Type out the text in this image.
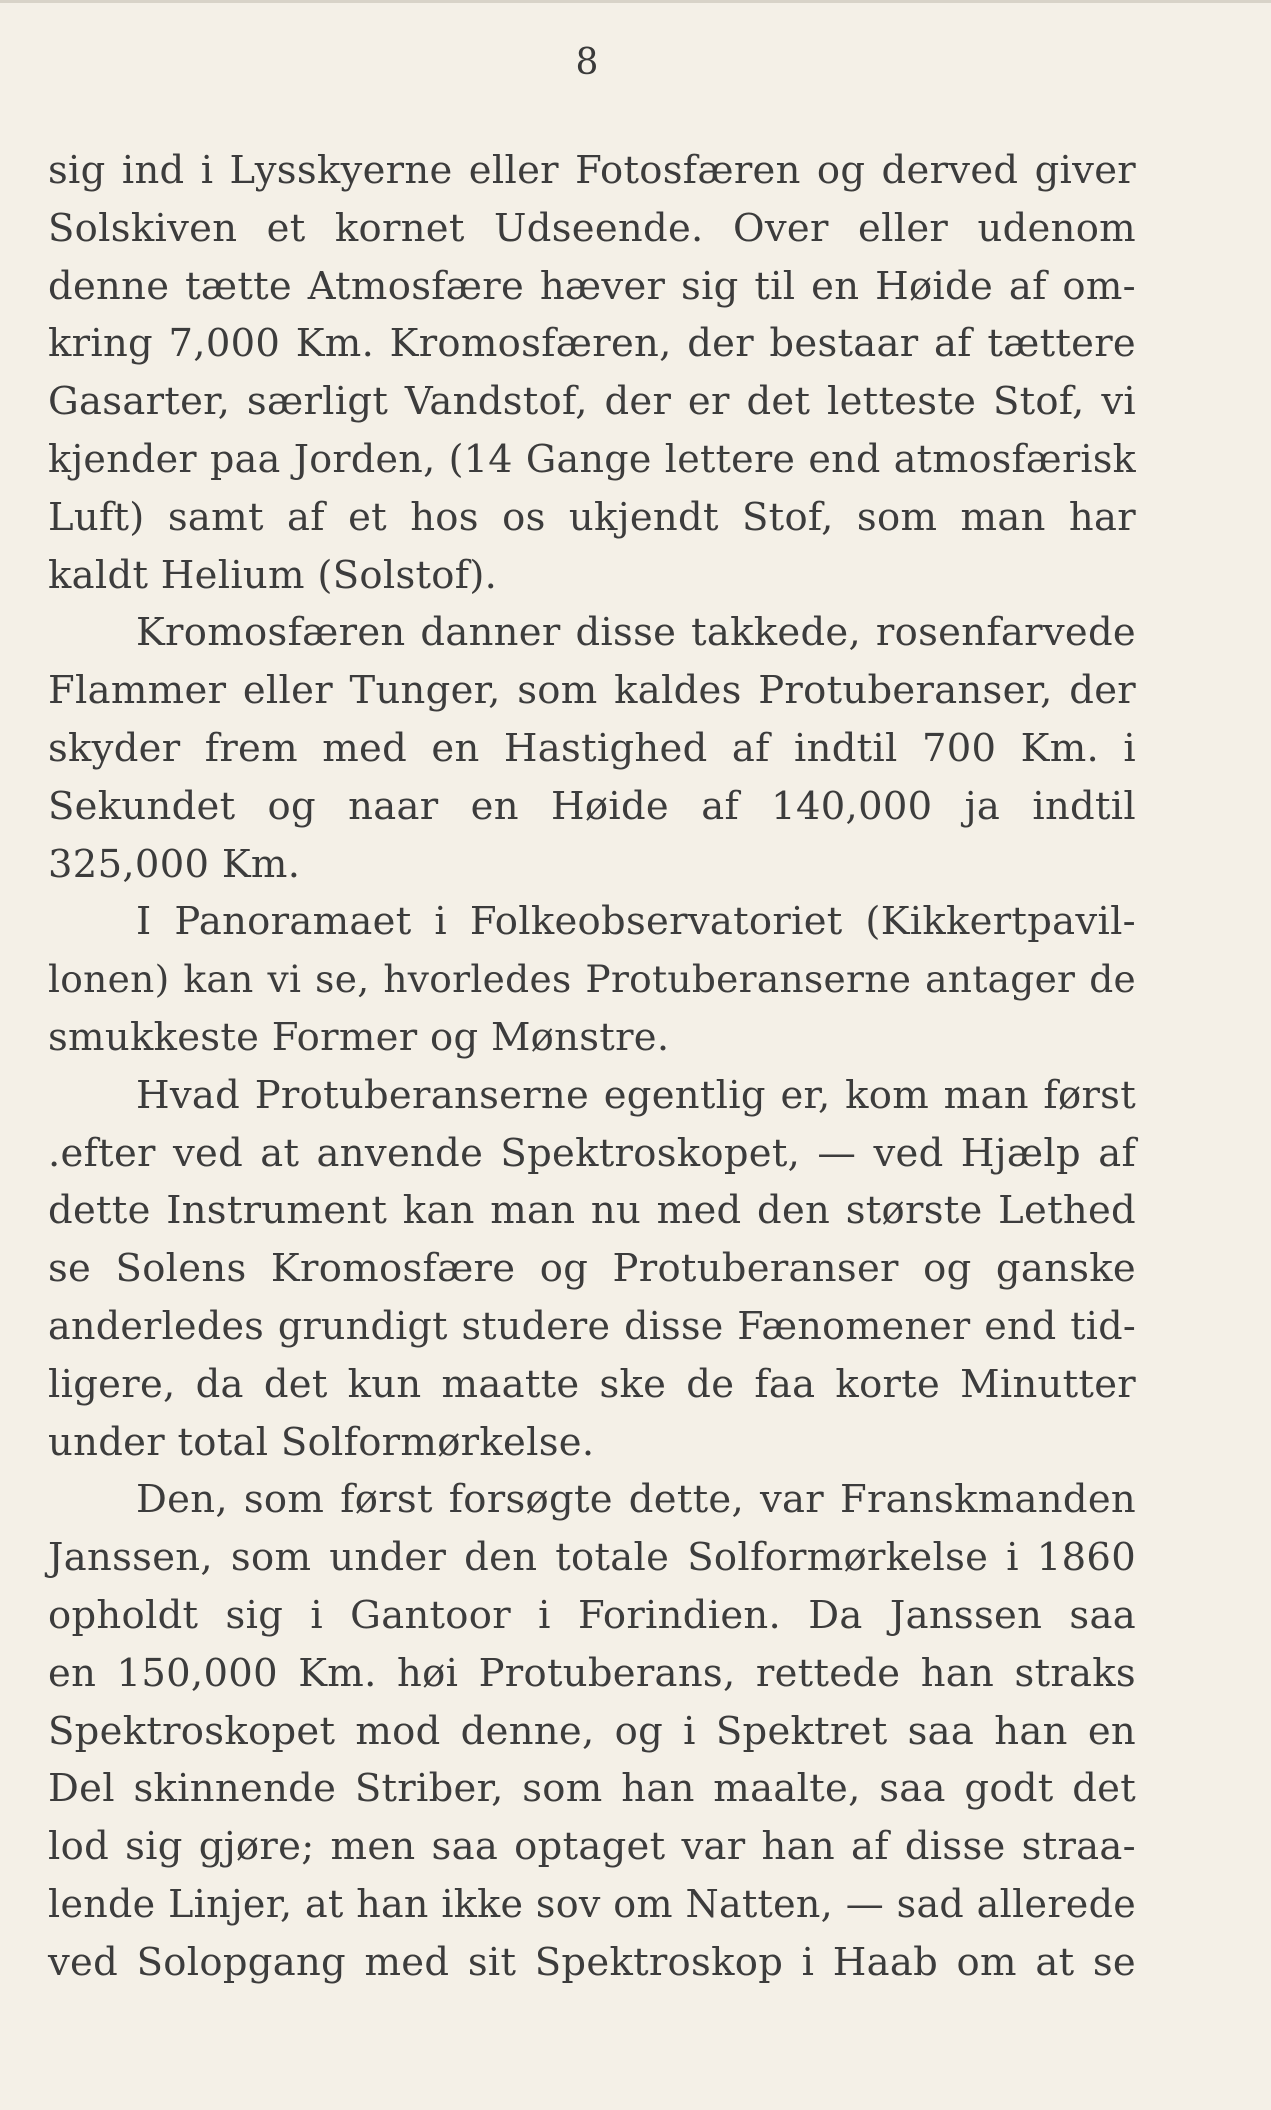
8
sig ind i Lysskyerne eller Fotosfæren og derved giver
Solskiven et kornet Udseende. Over eller udenom
denne tætte Atmosfære hæver sig til en Høide af om-
kring 7,000 Km. Kromosfæren, der bestaar af tættere
Gasarter, særligt Vandstof, der er det letteste Stof, vi
kjender paa Jorden, (14 Gange lettere end atmosfærisk
Luft) samt af et hos os ukjendt Stof, som man har
kaldt Helium (Solstof).
Kromosfæren danner disse takkede, rosenfarvede
Flammer eller Tunger, som kaldes Protuberanser, der
skyder frem med en Hastighed af indtil 700 Km. i
Sekundet og naar en Høide af 140,000 ja indtil
325,000 Km.
I Panoramaet i Folkeobservatoriet (Kikkertpavil-
lonen) kan vi se, hvorledes Protuberanserne antager de
smukkeste Former og Mønstre.
Hvad Protuberanserne egentlig er, kom man først
.efter ved at anvende Spektroskopet, — ved Hjælp af
dette Instrument kan man nu med den største Lethed
se Solens Kromosfære og Protuberanser og ganske
anderledes grundigt studere disse Fænomener end tid-
ligere, da det kun maatte ske de faa korte Minutter
under total Solformørkelse.
Den, som først forsøgte dette, var Franskmanden
Janssen, som under den totale Solformørkelse i 1860
opholdt sig i Gantoor i Forindien. Da Janssen saa
en 150,000 Km. høi Protuberans, rettede han straks
Spektroskopet mod denne, og i Spektret saa han en
Del skinnende Striber, som han maalte, saa godt det
lod sig gjøre; men saa optaget var han af disse straa-
lende Linjer, at han ikke sov om Natten, — sad allerede
ved Solopgang med sit Spektroskop i Haab om at se
